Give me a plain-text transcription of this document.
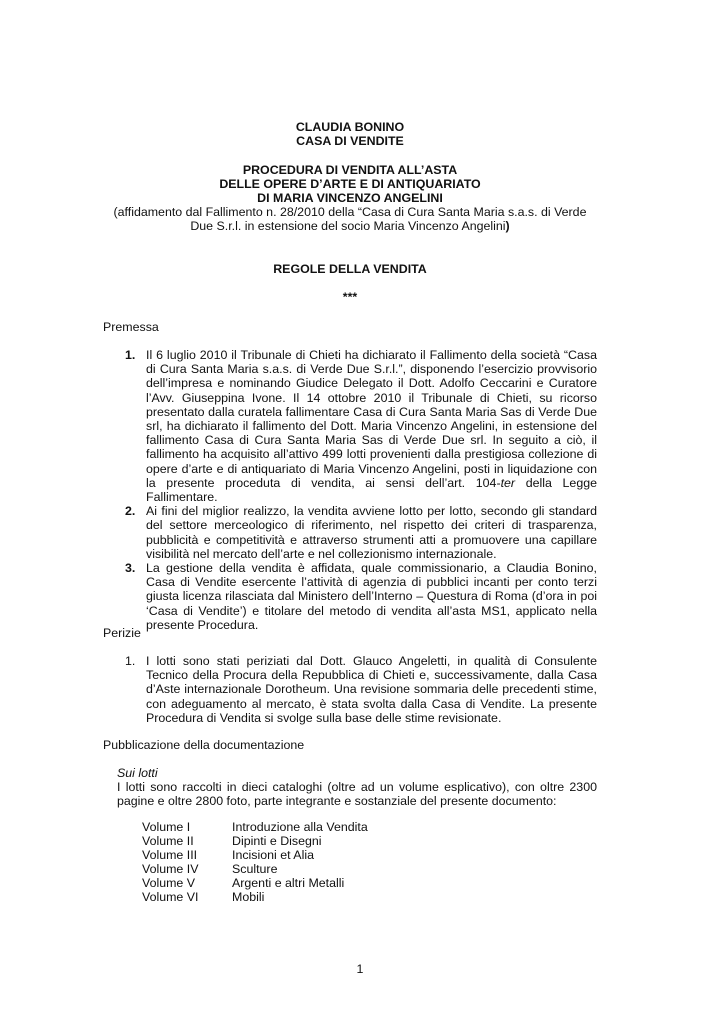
CLAUDIA BONINO
CASA DI VENDITE
PROCEDURA DI VENDITA ALL’ASTA
DELLE OPERE D’ARTE E DI ANTIQUARIATO
DI MARIA VINCENZO ANGELINI
(affidamento dal Fallimento n. 28/2010 della “Casa di Cura Santa Maria s.a.s. di Verde
Due S.r.l. in estensione del socio Maria Vincenzo Angelini)
REGOLE DELLA VENDITA
***
Premessa
1. Il 6 luglio 2010 il Tribunale di Chieti ha dichiarato il Fallimento della società “Casa di Cura Santa Maria s.a.s. di Verde Due S.r.l.”, disponendo l’esercizio provvisorio dell’impresa e nominando Giudice Delegato il Dott. Adolfo Ceccarini e Curatore l’Avv. Giuseppina Ivone. Il 14 ottobre 2010 il Tribunale di Chieti, su ricorso presentato dalla curatela fallimentare Casa di Cura Santa Maria Sas di Verde Due srl, ha dichiarato il fallimento del Dott. Maria Vincenzo Angelini, in estensione del fallimento Casa di Cura Santa Maria Sas di Verde Due srl. In seguito a ciò, il fallimento ha acquisito all’attivo 499 lotti provenienti dalla prestigiosa collezione di opere d’arte e di antiquariato di Maria Vincenzo Angelini, posti in liquidazione con la presente proceduta di vendita, ai sensi dell’art. 104-ter della Legge Fallimentare.
2. Ai fini del miglior realizzo, la vendita avviene lotto per lotto, secondo gli standard del settore merceologico di riferimento, nel rispetto dei criteri di trasparenza, pubblicità e competitività e attraverso strumenti atti a promuovere una capillare visibilità nel mercato dell’arte e nel collezionismo internazionale.
3. La gestione della vendita è affidata, quale commissionario, a Claudia Bonino, Casa di Vendite esercente l’attività di agenzia di pubblici incanti per conto terzi giusta licenza rilasciata dal Ministero dell’Interno – Questura di Roma (d’ora in poi ‘Casa di Vendite’) e titolare del metodo di vendita all’asta MS1, applicato nella presente Procedura.
Perizie
1. I lotti sono stati periziati dal Dott. Glauco Angeletti, in qualità di Consulente Tecnico della Procura della Repubblica di Chieti e, successivamente, dalla Casa d’Aste internazionale Dorotheum. Una revisione sommaria delle precedenti stime, con adeguamento al mercato, è stata svolta dalla Casa di Vendite. La presente Procedura di Vendita si svolge sulla base delle stime revisionate.
Pubblicazione della documentazione
Sui lotti
I lotti sono raccolti in dieci cataloghi (oltre ad un volume esplicativo), con oltre 2300 pagine e oltre 2800 foto, parte integrante e sostanziale del presente documento:
Volume I	Introduzione alla Vendita
Volume II	Dipinti e Disegni
Volume III	Incisioni et Alia
Volume IV	Sculture
Volume V	Argenti e altri Metalli
Volume VI	Mobili
1
